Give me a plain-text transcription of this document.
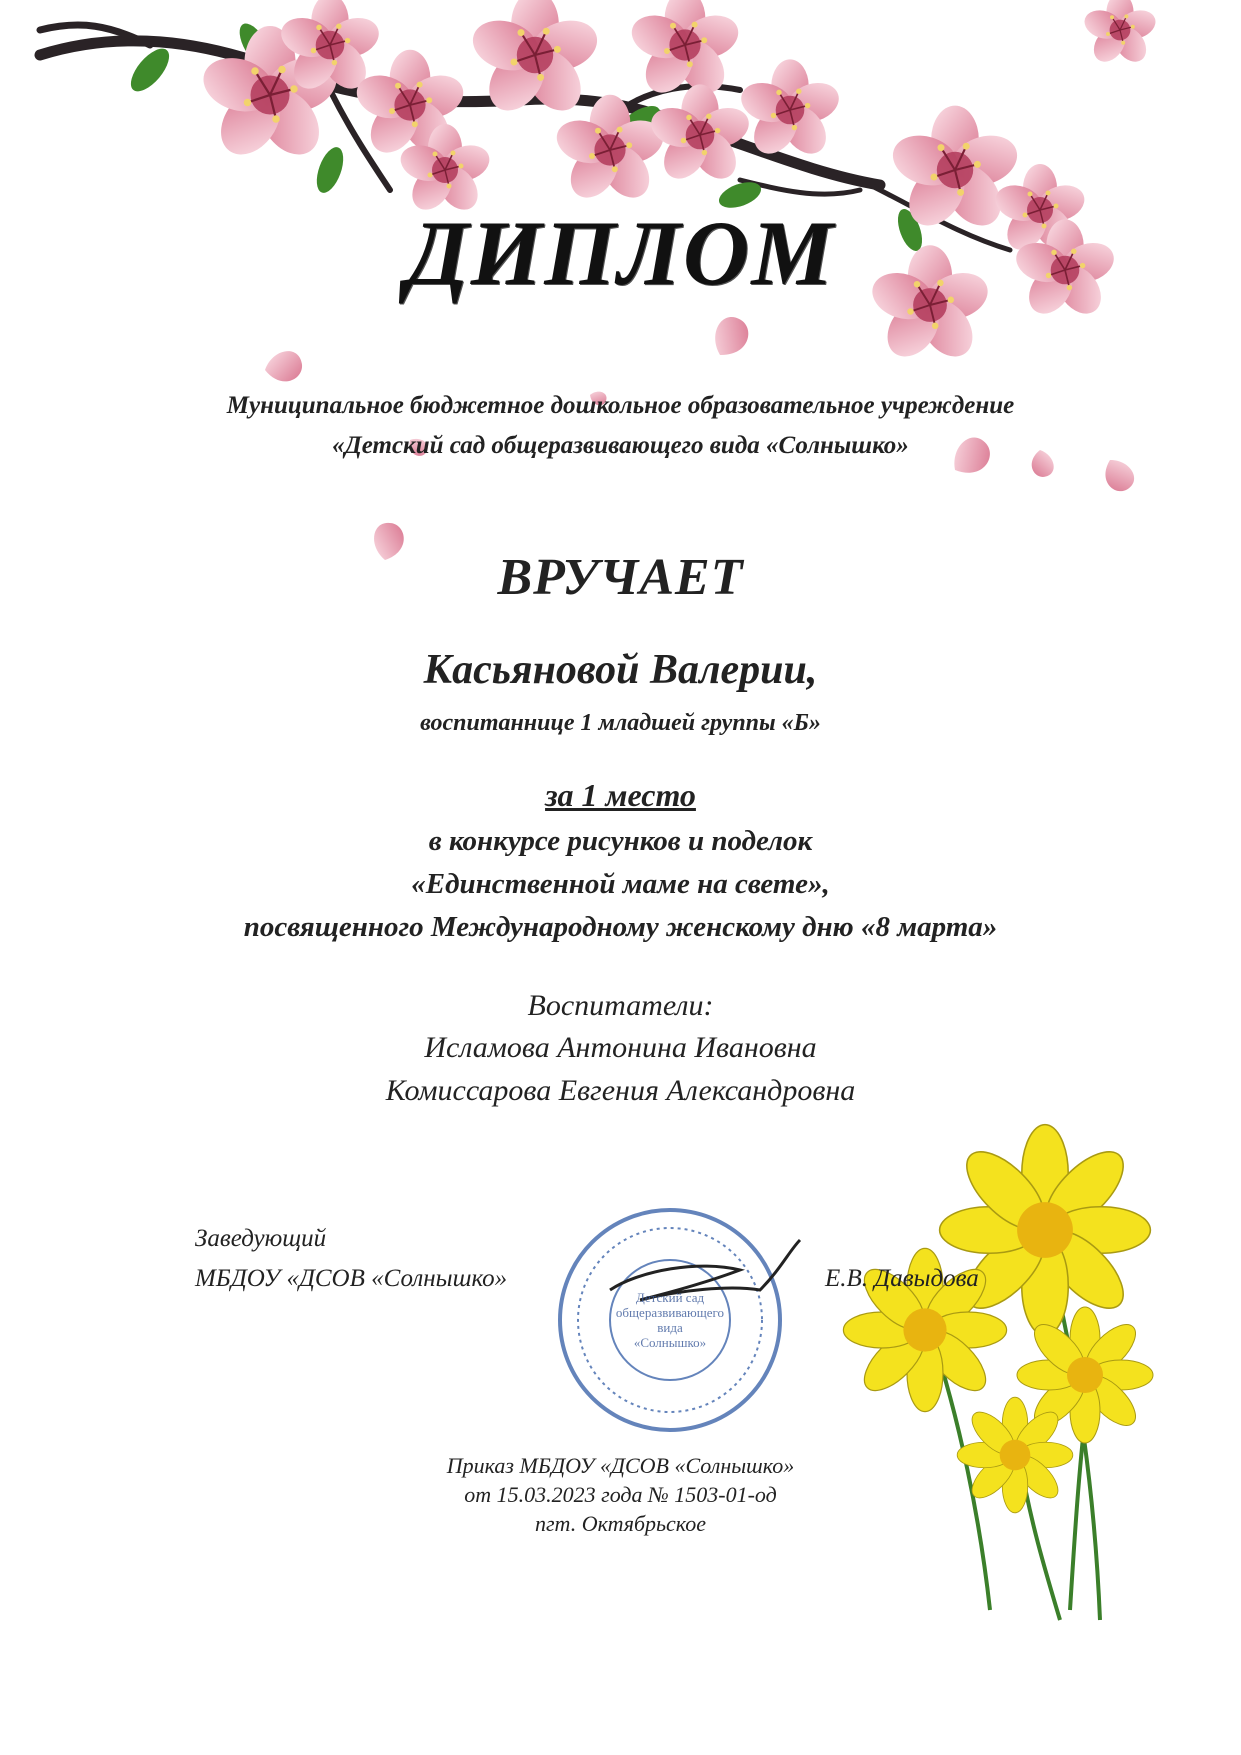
Детский сад
общеразвивающего
вида
«Солнышко»
ДИПЛОМ
Муниципальное бюджетное дошкольное образовательное учреждение
«Детский сад общеразвивающего вида «Солнышко»
ВРУЧАЕТ
Касьяновой Валерии,
воспитаннице 1 младшей группы «Б»
за 1 место
в конкурсе рисунков и поделок
«Единственной маме на свете»,
посвященного Международному женскому дню «8 марта»
Воспитатели:
Исламова Антонина Ивановна
Комиссарова Евгения Александровна
Заведующий
МБДОУ «ДСОВ «Солнышко»	Е.В. Давыдова
Приказ МБДОУ «ДСОВ «Солнышко»
от 15.03.2023 года № 1503-01-од
пгт. Октябрьское
